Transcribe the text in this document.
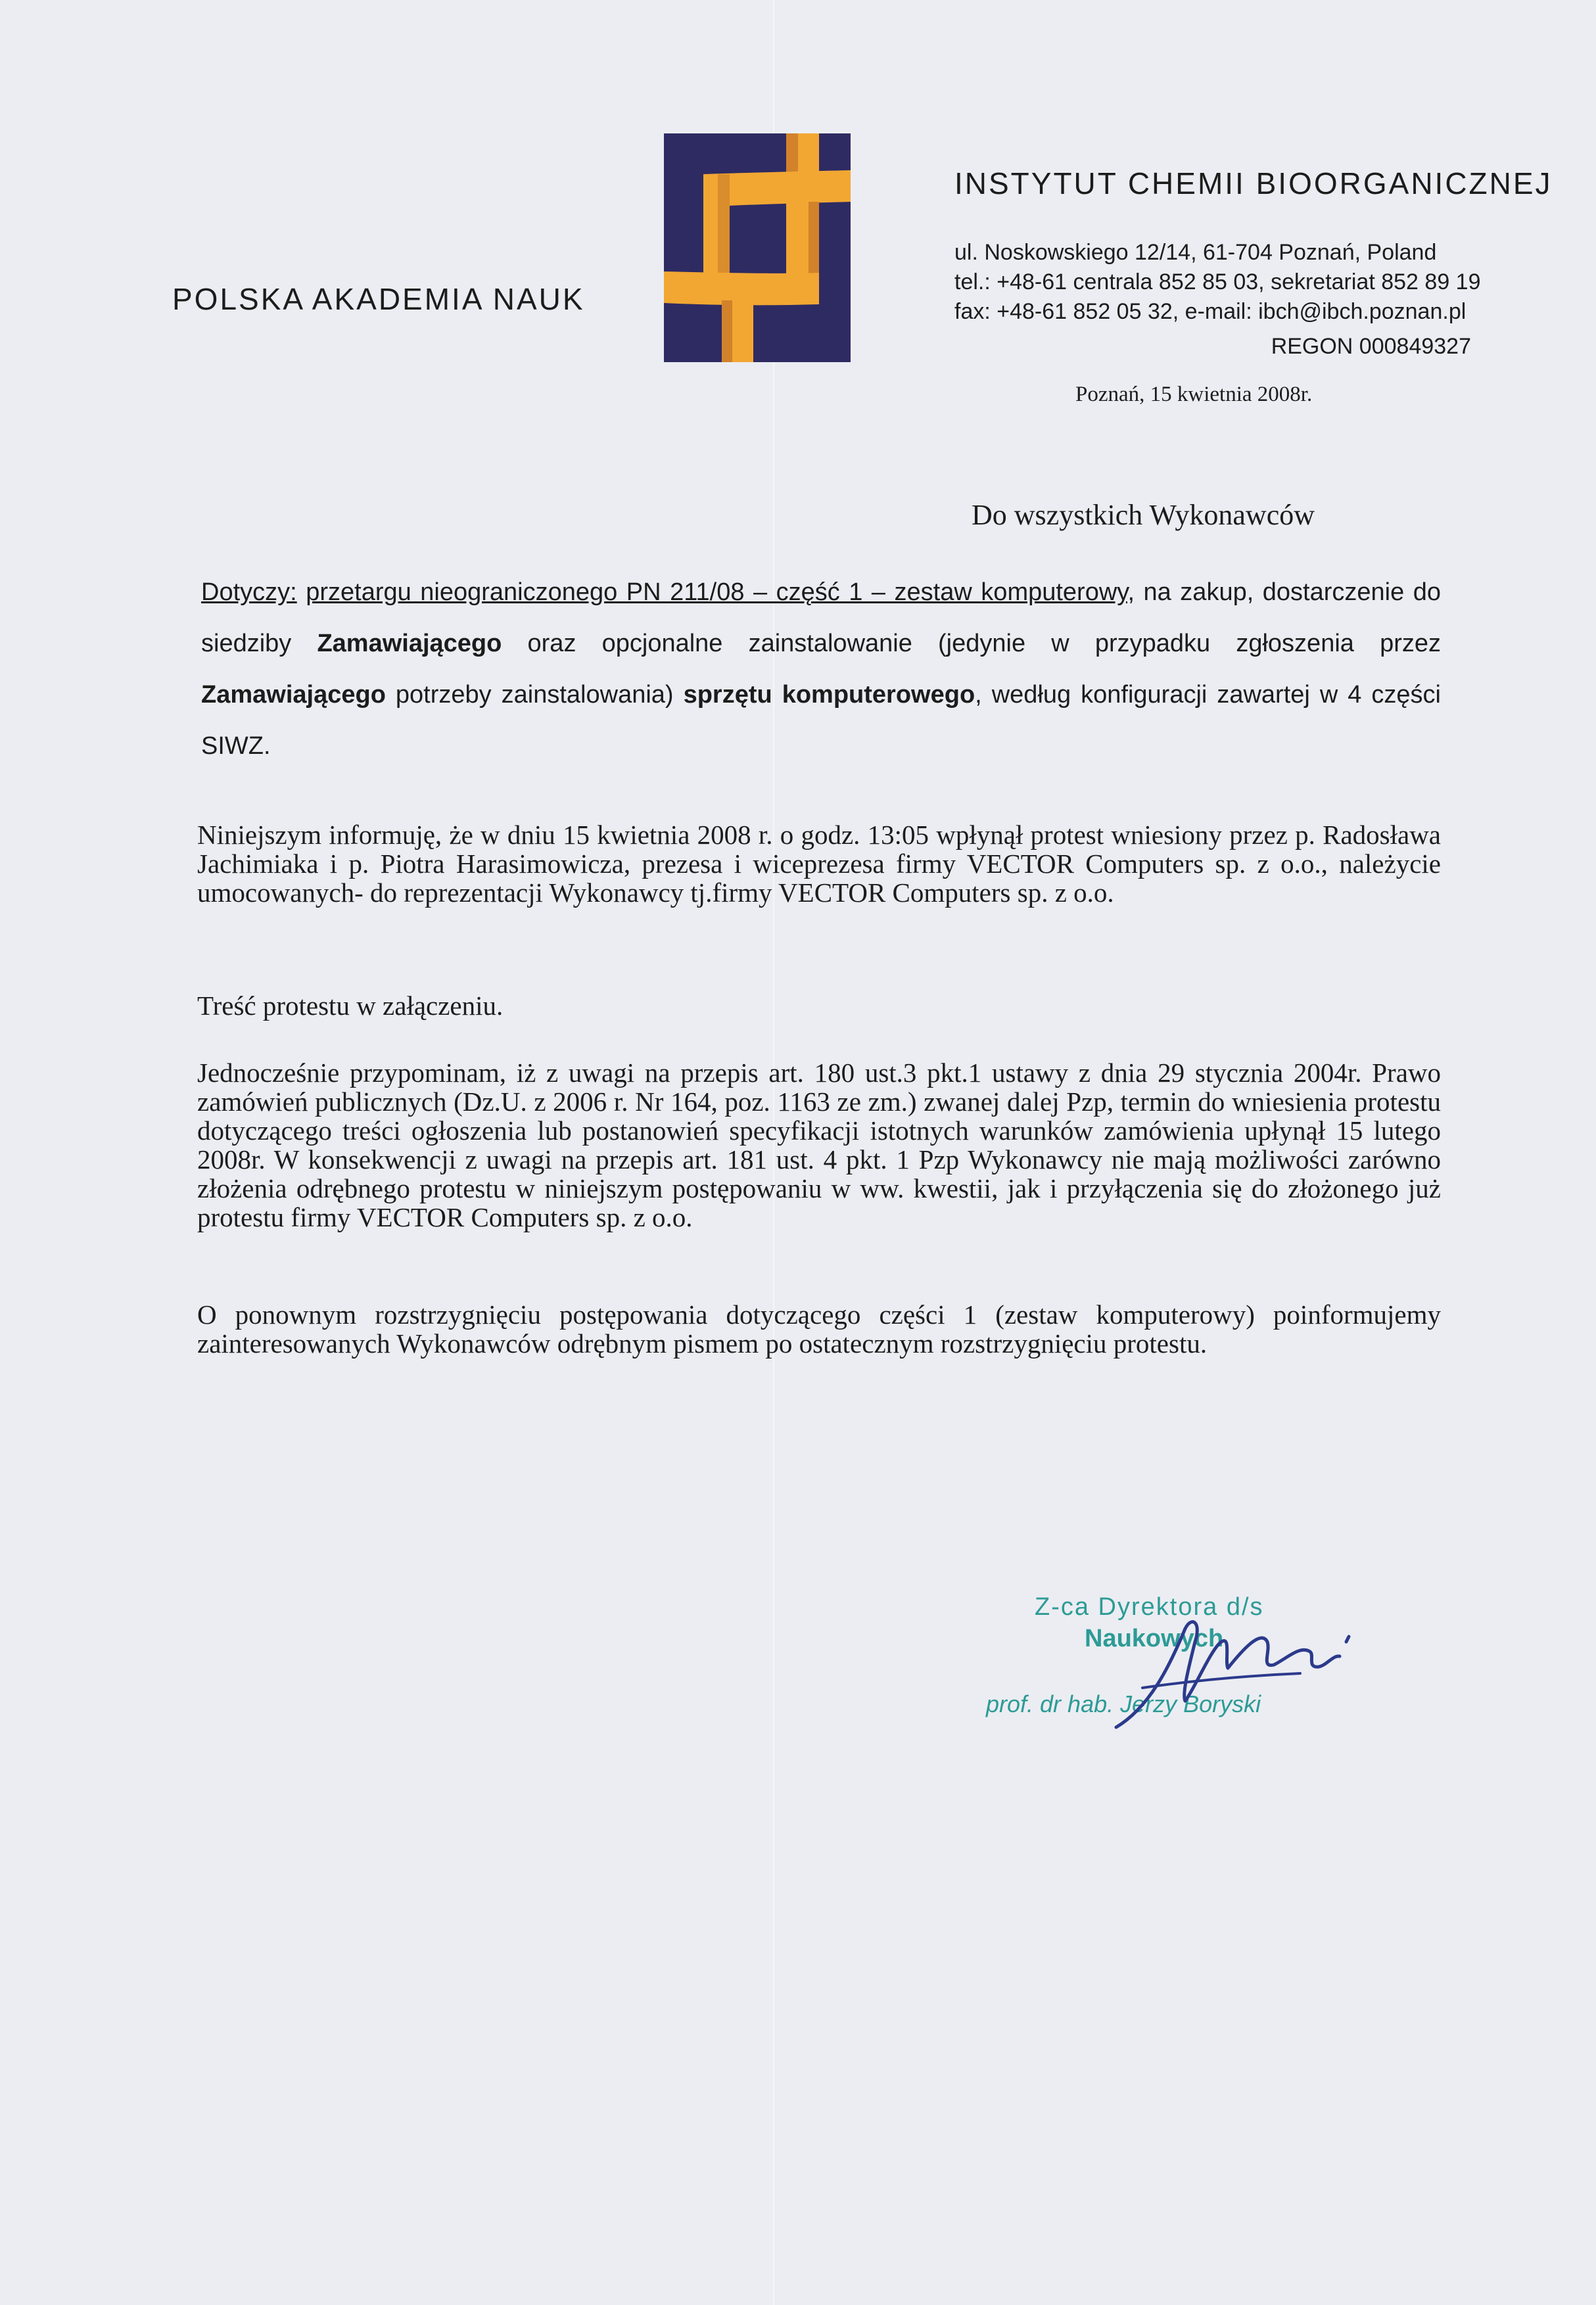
POLSKA AKADEMIA NAUK
INSTYTUT CHEMII BIOORGANICZNEJ
ul. Noskowskiego 12/14, 61-704 Poznań, Poland
tel.: +48-61 centrala 852 85 03, sekretariat 852 89 19
fax: +48-61 852 05 32, e-mail: ibch@ibch.poznan.pl
REGON 000849327
Poznań, 15 kwietnia 2008r.
Do wszystkich Wykonawców
Dotyczy: przetargu nieograniczonego PN 211/08 – część 1 – zestaw komputerowy, na zakup, dostarczenie do siedziby Zamawiającego oraz opcjonalne zainstalowanie (jedynie w przypadku zgłoszenia przez Zamawiającego potrzeby zainstalowania) sprzętu komputerowego, według konfiguracji zawartej w 4 części SIWZ.
Niniejszym informuję, że w dniu 15 kwietnia 2008 r. o godz. 13:05 wpłynął protest wniesiony przez p. Radosława Jachimiaka i p. Piotra Harasimowicza, prezesa i wiceprezesa firmy VECTOR Computers sp. z o.o., należycie umocowanych- do reprezentacji Wykonawcy tj.firmy VECTOR Computers sp. z o.o.
Treść protestu w załączeniu.
Jednocześnie przypominam, iż z uwagi na przepis art. 180 ust.3 pkt.1 ustawy z dnia 29 stycznia 2004r. Prawo zamówień publicznych (Dz.U. z 2006 r. Nr 164, poz. 1163 ze zm.) zwanej dalej Pzp, termin do wniesienia protestu dotyczącego treści ogłoszenia lub postanowień specyfikacji istotnych warunków zamówienia upłynął 15 lutego 2008r. W konsekwencji z uwagi na przepis art. 181 ust. 4 pkt. 1 Pzp Wykonawcy nie mają możliwości zarówno złożenia odrębnego protestu w niniejszym postępowaniu w ww. kwestii, jak i przyłączenia się do złożonego już protestu firmy VECTOR Computers sp. z o.o.
O ponownym rozstrzygnięciu postępowania dotyczącego części 1 (zestaw komputerowy) poinformujemy zainteresowanych Wykonawców odrębnym pismem po ostatecznym rozstrzygnięciu protestu.
Z-ca Dyrektora d/s
Naukowych
prof. dr hab. Jerzy Boryski
